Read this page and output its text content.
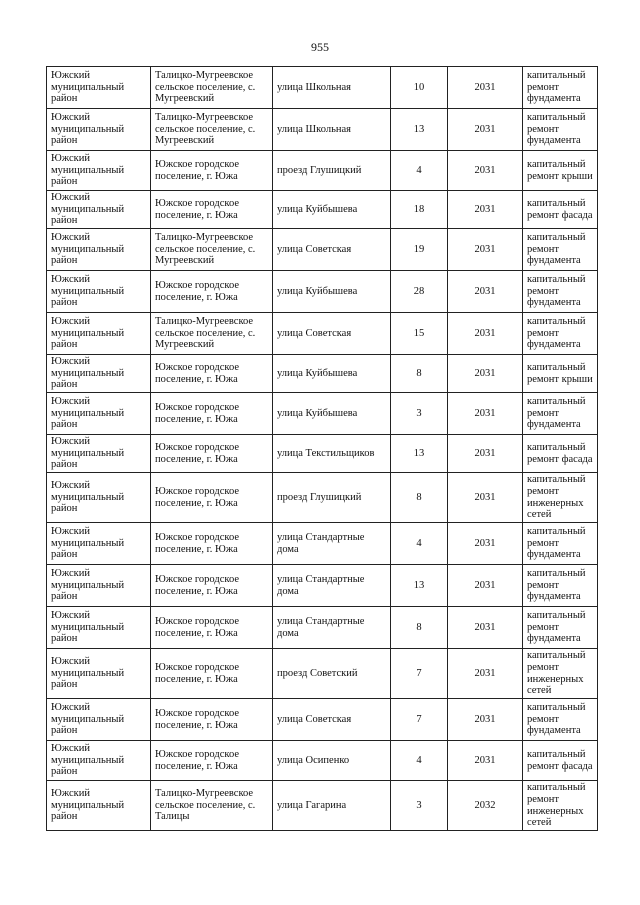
955
Южский муниципальный район	Талицко-Мугреевское сельское поселение, с. Мугреевский	улица Школьная	10	2031	капитальный ремонт фундамента
Южский муниципальный район	Талицко-Мугреевское сельское поселение, с. Мугреевский	улица Школьная	13	2031	капитальный ремонт фундамента
Южский муниципальный район	Южское городское поселение, г. Южа	проезд Глушицкий	4	2031	капитальный ремонт крыши
Южский муниципальный район	Южское городское поселение, г. Южа	улица Куйбышева	18	2031	капитальный ремонт фасада
Южский муниципальный район	Талицко-Мугреевское сельское поселение, с. Мугреевский	улица Советская	19	2031	капитальный ремонт фундамента
Южский муниципальный район	Южское городское поселение, г. Южа	улица Куйбышева	28	2031	капитальный ремонт фундамента
Южский муниципальный район	Талицко-Мугреевское сельское поселение, с. Мугреевский	улица Советская	15	2031	капитальный ремонт фундамента
Южский муниципальный район	Южское городское поселение, г. Южа	улица Куйбышева	8	2031	капитальный ремонт крыши
Южский муниципальный район	Южское городское поселение, г. Южа	улица Куйбышева	3	2031	капитальный ремонт фундамента
Южский муниципальный район	Южское городское поселение, г. Южа	улица Текстильщиков	13	2031	капитальный ремонт фасада
Южский муниципальный район	Южское городское поселение, г. Южа	проезд Глушицкий	8	2031	капитальный ремонт инженерных сетей
Южский муниципальный район	Южское городское поселение, г. Южа	улица Стандартные дома	4	2031	капитальный ремонт фундамента
Южский муниципальный район	Южское городское поселение, г. Южа	улица Стандартные дома	13	2031	капитальный ремонт фундамента
Южский муниципальный район	Южское городское поселение, г. Южа	улица Стандартные дома	8	2031	капитальный ремонт фундамента
Южский муниципальный район	Южское городское поселение, г. Южа	проезд Советский	7	2031	капитальный ремонт инженерных сетей
Южский муниципальный район	Южское городское поселение, г. Южа	улица Советская	7	2031	капитальный ремонт фундамента
Южский муниципальный район	Южское городское поселение, г. Южа	улица Осипенко	4	2031	капитальный ремонт фасада
Южский муниципальный район	Талицко-Мугреевское сельское поселение, с. Талицы	улица Гагарина	3	2032	капитальный ремонт инженерных сетей
